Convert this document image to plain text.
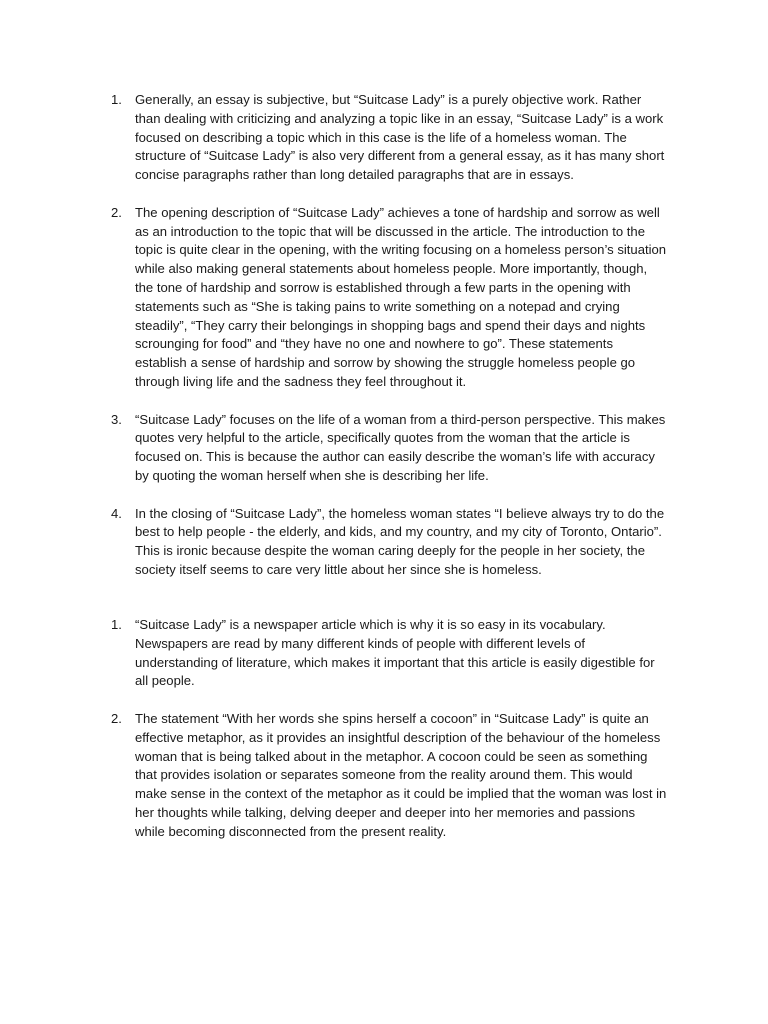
1. Generally, an essay is subjective, but “Suitcase Lady” is a purely objective work. Rather than dealing with criticizing and analyzing a topic like in an essay, “Suitcase Lady” is a work focused on describing a topic which in this case is the life of a homeless woman. The structure of “Suitcase Lady” is also very different from a general essay, as it has many short concise paragraphs rather than long detailed paragraphs that are in essays.
2. The opening description of “Suitcase Lady” achieves a tone of hardship and sorrow as well as an introduction to the topic that will be discussed in the article. The introduction to the topic is quite clear in the opening, with the writing focusing on a homeless person’s situation while also making general statements about homeless people. More importantly, though, the tone of hardship and sorrow is established through a few parts in the opening with statements such as “She is taking pains to write something on a notepad and crying steadily”, “They carry their belongings in shopping bags and spend their days and nights scrounging for food” and “they have no one and nowhere to go”. These statements establish a sense of hardship and sorrow by showing the struggle homeless people go through living life and the sadness they feel throughout it.
3. “Suitcase Lady” focuses on the life of a woman from a third-person perspective. This makes quotes very helpful to the article, specifically quotes from the woman that the article is focused on. This is because the author can easily describe the woman’s life with accuracy by quoting the woman herself when she is describing her life.
4. In the closing of “Suitcase Lady”, the homeless woman states “I believe always try to do the best to help people - the elderly, and kids, and my country, and my city of Toronto, Ontario”. This is ironic because despite the woman caring deeply for the people in her society, the society itself seems to care very little about her since she is homeless.
1. “Suitcase Lady” is a newspaper article which is why it is so easy in its vocabulary. Newspapers are read by many different kinds of people with different levels of understanding of literature, which makes it important that this article is easily digestible for all people.
2. The statement “With her words she spins herself a cocoon” in “Suitcase Lady” is quite an effective metaphor, as it provides an insightful description of the behaviour of the homeless woman that is being talked about in the metaphor. A cocoon could be seen as something that provides isolation or separates someone from the reality around them. This would make sense in the context of the metaphor as it could be implied that the woman was lost in her thoughts while talking, delving deeper and deeper into her memories and passions while becoming disconnected from the present reality.
